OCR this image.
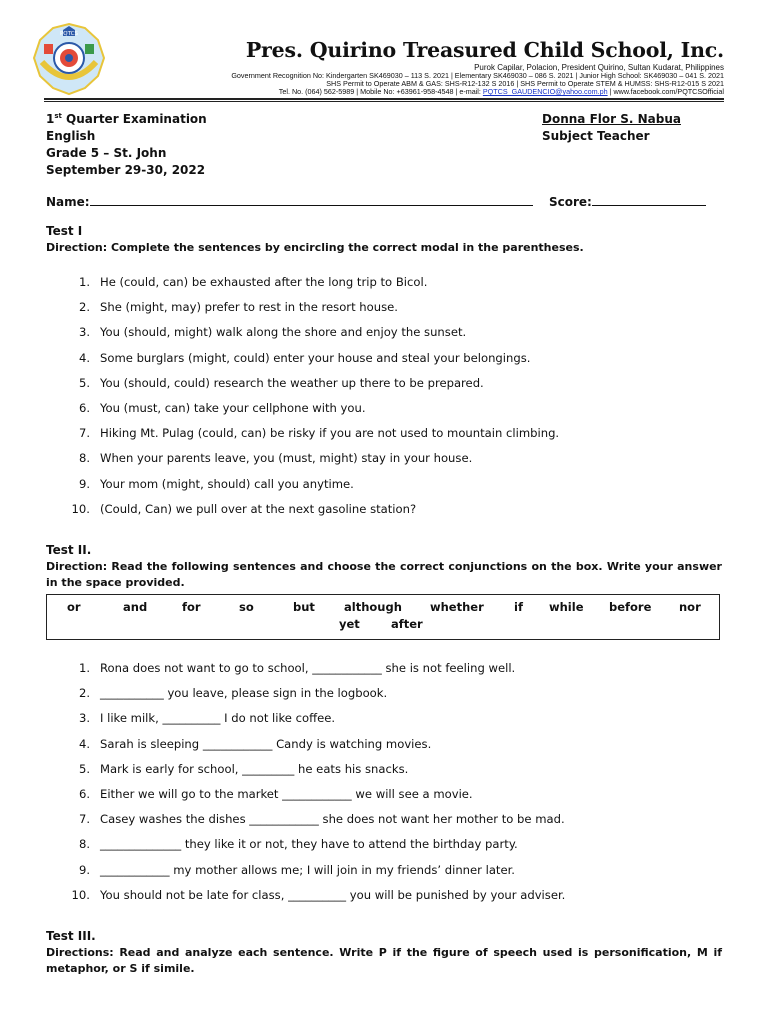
PQTCS
Pres. Quirino Treasured Child School, Inc.
Purok Capilar, Polacion, President Quirino, Sultan Kudarat, Philippines
Government Recognition No: Kindergarten SK469030 – 113 S. 2021 | Elementary SK469030 – 086 S. 2021 | Junior High School: SK469030 – 041 S. 2021
SHS Permit to Operate ABM & GAS: SHS-R12-132 S 2016 | SHS Permit to Operate STEM & HUMSS: SHS-R12-015 S 2021
Tel. No. (064) 562-5989 | Mobile No: +63961-958-4548 | e-mail: PQTCS_GAUDENCIO@yahoo.com.ph | www.facebook.com/PQTCSOfficial
1st Quarter Examination
English
Grade 5 – St. John
September 29-30, 2022
Donna Flor S. Nabua
Subject Teacher
Name:	Score:
Test I
Direction: Complete the sentences by encircling the correct modal in the parentheses.
1. He (could, can) be exhausted after the long trip to Bicol.
2. She (might, may) prefer to rest in the resort house.
3. You (should, might) walk along the shore and enjoy the sunset.
4. Some burglars (might, could) enter your house and steal your belongings.
5. You (should, could) research the weather up there to be prepared.
6. You (must, can) take your cellphone with you.
7. Hiking Mt. Pulag (could, can) be risky if you are not used to mountain climbing.
8. When your parents leave, you (must, might) stay in your house.
9. Your mom (might, should) call you anytime.
10. (Could, Can) we pull over at the next gasoline station?
Test II.
Direction: Read the following sentences and choose the correct conjunctions on the box. Write your answer in the space provided.
or	and	for	so	but	although whether	if while before nor
yet	after
1. Rona does not want to go to school, ____________ she is not feeling well.
2. ___________ you leave, please sign in the logbook.
3. I like milk, __________ I do not like coffee.
4. Sarah is sleeping ____________ Candy is watching movies.
5. Mark is early for school, _________ he eats his snacks.
6. Either we will go to the market ____________ we will see a movie.
7. Casey washes the dishes ____________ she does not want her mother to be mad.
8. ______________ they like it or not, they have to attend the birthday party.
9. ____________ my mother allows me; I will join in my friends’ dinner later.
10. You should not be late for class, __________ you will be punished by your adviser.
Test III.
Directions: Read and analyze each sentence. Write P if the figure of speech used is personification, M if metaphor, or S if simile.
